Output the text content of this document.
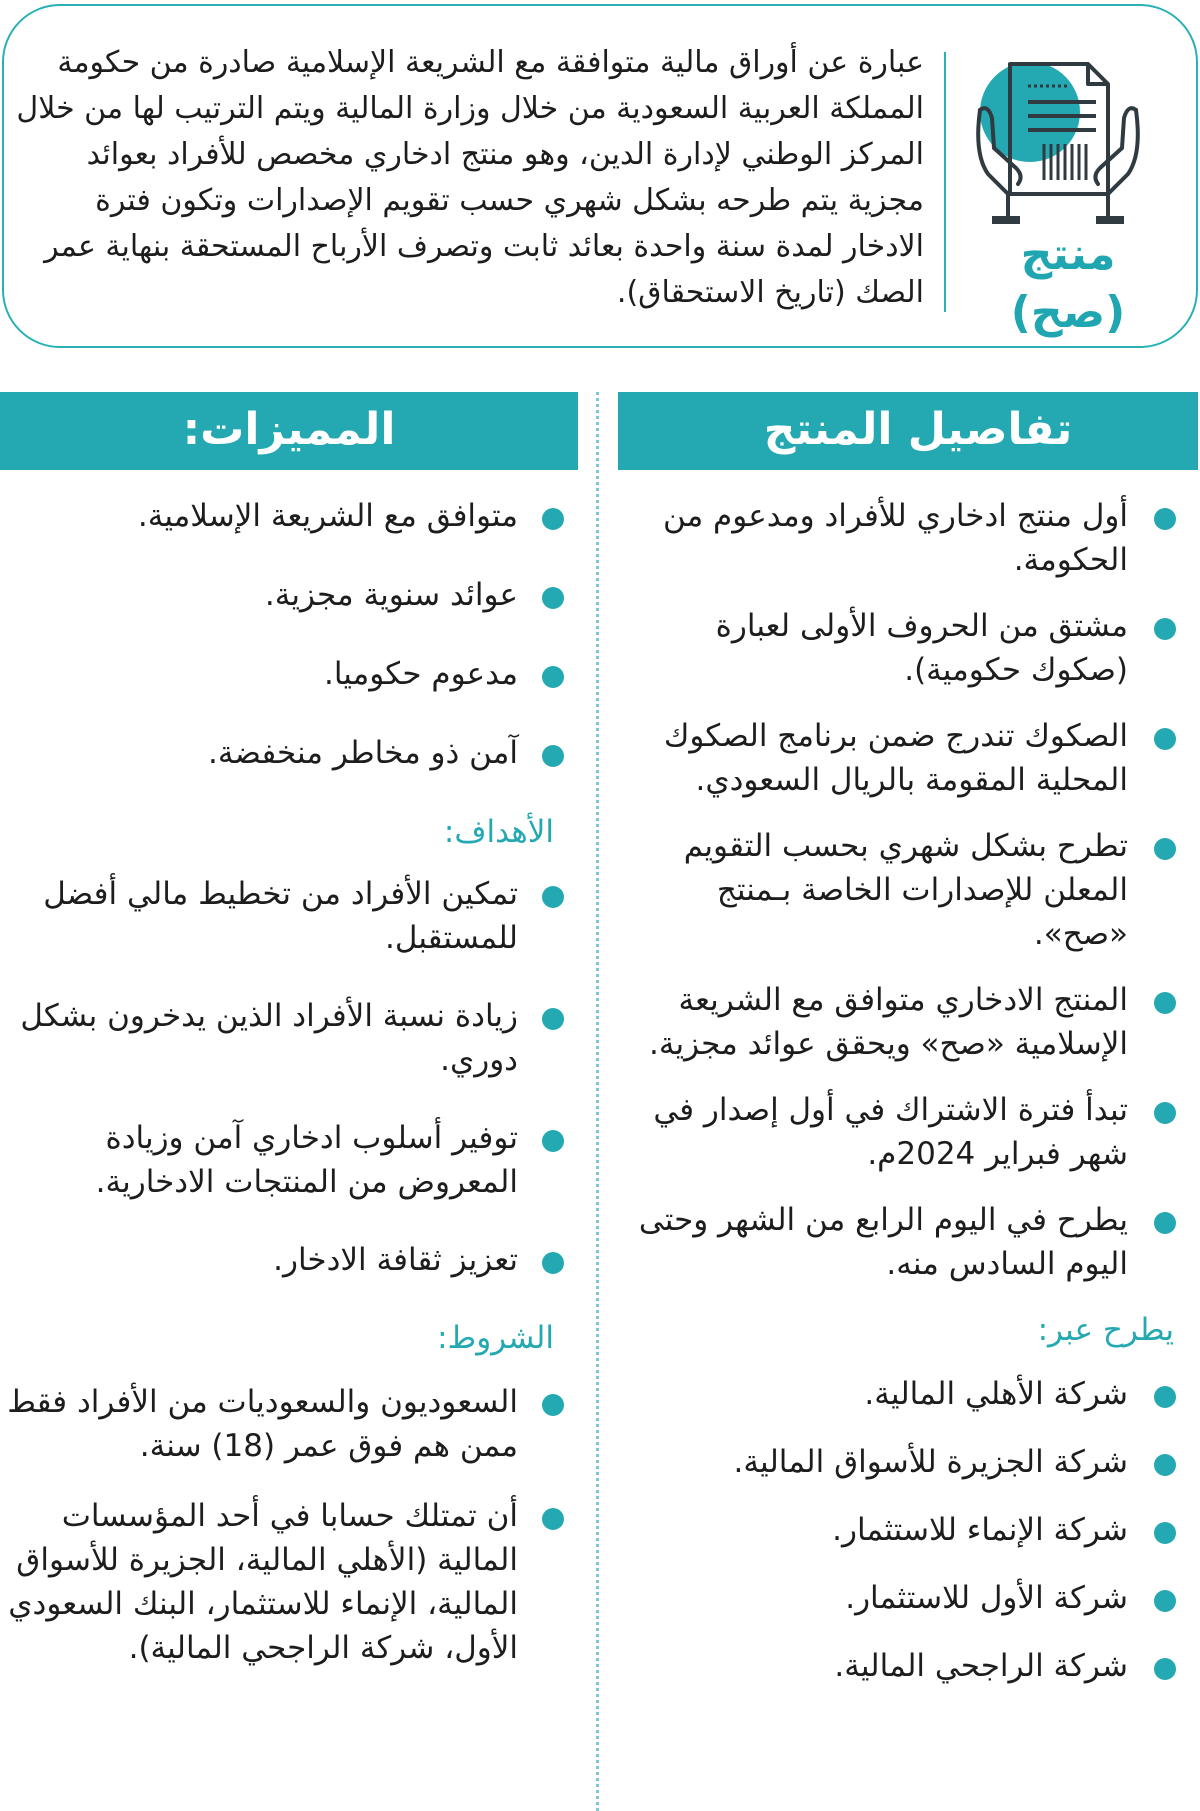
منتج (صح)

عبارة عن أوراق مالية متوافقة مع الشريعة الإسلامية صادرة من حكومة المملكة العربية السعودية من خلال وزارة المالية ويتم الترتيب لها من خلال المركز الوطني لإدارة الدين، وهو منتج ادخاري مخصص للأفراد بعوائد مجزية يتم طرحه بشكل شهري حسب تقويم الإصدارات وتكون فترة الادخار لمدة سنة واحدة بعائد ثابت وتصرف الأرباح المستحقة بنهاية عمر الصك (تاريخ الاستحقاق).

تفاصيل المنتج
أول منتج ادخاري للأفراد ومدعوم من الحكومة.
مشتق من الحروف الأولى لعبارة (صكوك حكومية).
الصكوك تندرج ضمن برنامج الصكوك المحلية المقومة بالريال السعودي.
تطرح بشكل شهري بحسب التقويم المعلن للإصدارات الخاصة بـمنتج «صح».
المنتج الادخاري متوافق مع الشريعة الإسلامية «صح» ويحقق عوائد مجزية.
تبدأ فترة الاشتراك في أول إصدار في شهر فبراير 2024م.
يطرح في اليوم الرابع من الشهر وحتى اليوم السادس منه.
يطرح عبر:
شركة الأهلي المالية.
شركة الجزيرة للأسواق المالية.
شركة الإنماء للاستثمار.
شركة الأول للاستثمار.
شركة الراجحي المالية.
المميزات:
متوافق مع الشريعة الإسلامية.
عوائد سنوية مجزية.
مدعوم حكوميا.
آمن ذو مخاطر منخفضة.
الأهداف:
تمكين الأفراد من تخطيط مالي أفضل للمستقبل.
زيادة نسبة الأفراد الذين يدخرون بشكل دوري.
توفير أسلوب ادخاري آمن وزيادة المعروض من المنتجات الادخارية.
تعزيز ثقافة الادخار.
الشروط:
السعوديون والسعوديات من الأفراد فقط ممن هم فوق عمر (18) سنة.
أن تمتلك حسابا في أحد المؤسسات المالية (الأهلي المالية، الجزيرة للأسواق المالية، الإنماء للاستثمار، البنك السعودي الأول، شركة الراجحي المالية).
